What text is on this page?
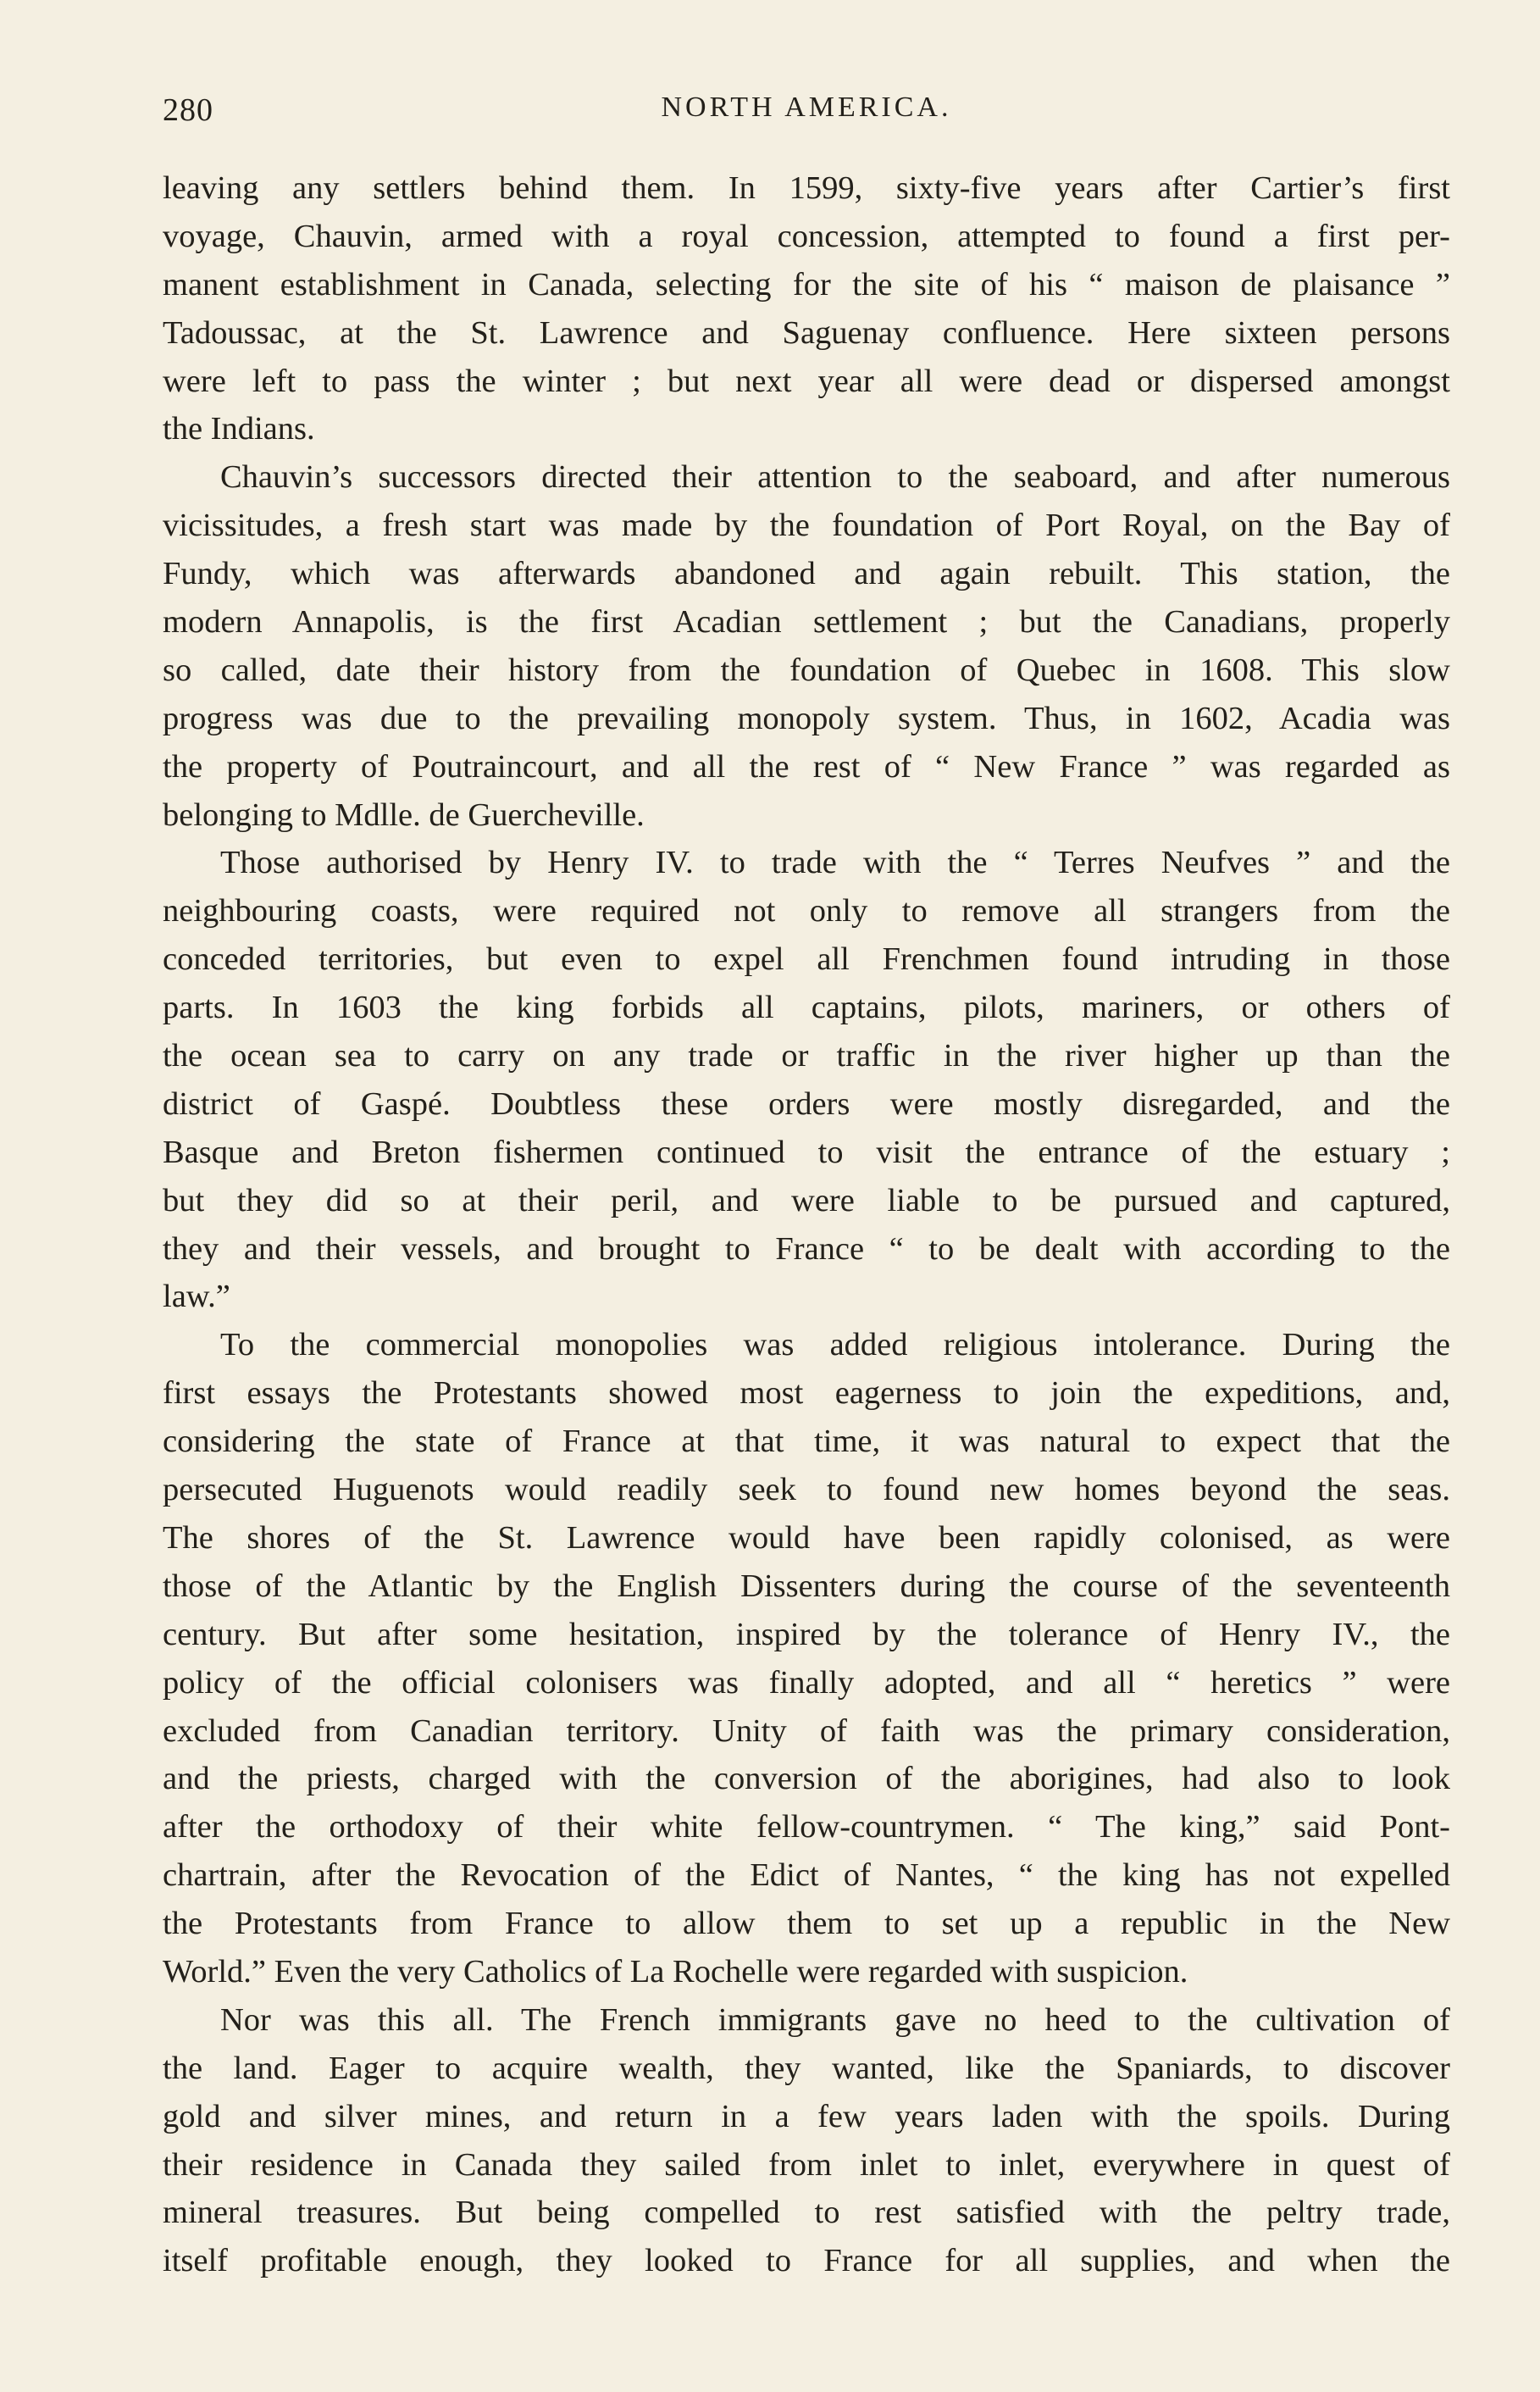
280	NORTH AMERICA.
leaving any settlers behind them. In 1599, sixty-five years after Cartier’s first
voyage, Chauvin, armed with a royal concession, attempted to found a first per-
manent establishment in Canada, selecting for the site of his “ maison de plaisance ”
Tadoussac, at the St. Lawrence and Saguenay confluence. Here sixteen persons
were left to pass the winter ; but next year all were dead or dispersed amongst
the Indians.
Chauvin’s successors directed their attention to the seaboard, and after numerous
vicissitudes, a fresh start was made by the foundation of Port Royal, on the Bay of
Fundy, which was afterwards abandoned and again rebuilt. This station, the
modern Annapolis, is the first Acadian settlement ; but the Canadians, properly
so called, date their history from the foundation of Quebec in 1608. This slow
progress was due to the prevailing monopoly system. Thus, in 1602, Acadia was
the property of Poutraincourt, and all the rest of “ New France ” was regarded as
belonging to Mdlle. de Guercheville.
Those authorised by Henry IV. to trade with the “ Terres Neufves ” and the
neighbouring coasts, were required not only to remove all strangers from the
conceded territories, but even to expel all Frenchmen found intruding in those
parts. In 1603 the king forbids all captains, pilots, mariners, or others of
the ocean sea to carry on any trade or traffic in the river higher up than the
district of Gaspé. Doubtless these orders were mostly disregarded, and the
Basque and Breton fishermen continued to visit the entrance of the estuary ;
but they did so at their peril, and were liable to be pursued and captured,
they and their vessels, and brought to France “ to be dealt with according to the
law.”
To the commercial monopolies was added religious intolerance. During the
first essays the Protestants showed most eagerness to join the expeditions, and,
considering the state of France at that time, it was natural to expect that the
persecuted Huguenots would readily seek to found new homes beyond the seas.
The shores of the St. Lawrence would have been rapidly colonised, as were
those of the Atlantic by the English Dissenters during the course of the seventeenth
century. But after some hesitation, inspired by the tolerance of Henry IV., the
policy of the official colonisers was finally adopted, and all “ heretics ” were
excluded from Canadian territory. Unity of faith was the primary consideration,
and the priests, charged with the conversion of the aborigines, had also to look
after the orthodoxy of their white fellow-countrymen. “ The king,” said Pont-
chartrain, after the Revocation of the Edict of Nantes, “ the king has not expelled
the Protestants from France to allow them to set up a republic in the New
World.” Even the very Catholics of La Rochelle were regarded with suspicion.
Nor was this all. The French immigrants gave no heed to the cultivation of
the land. Eager to acquire wealth, they wanted, like the Spaniards, to discover
gold and silver mines, and return in a few years laden with the spoils. During
their residence in Canada they sailed from inlet to inlet, everywhere in quest of
mineral treasures. But being compelled to rest satisfied with the peltry trade,
itself profitable enough, they looked to France for all supplies, and when the
